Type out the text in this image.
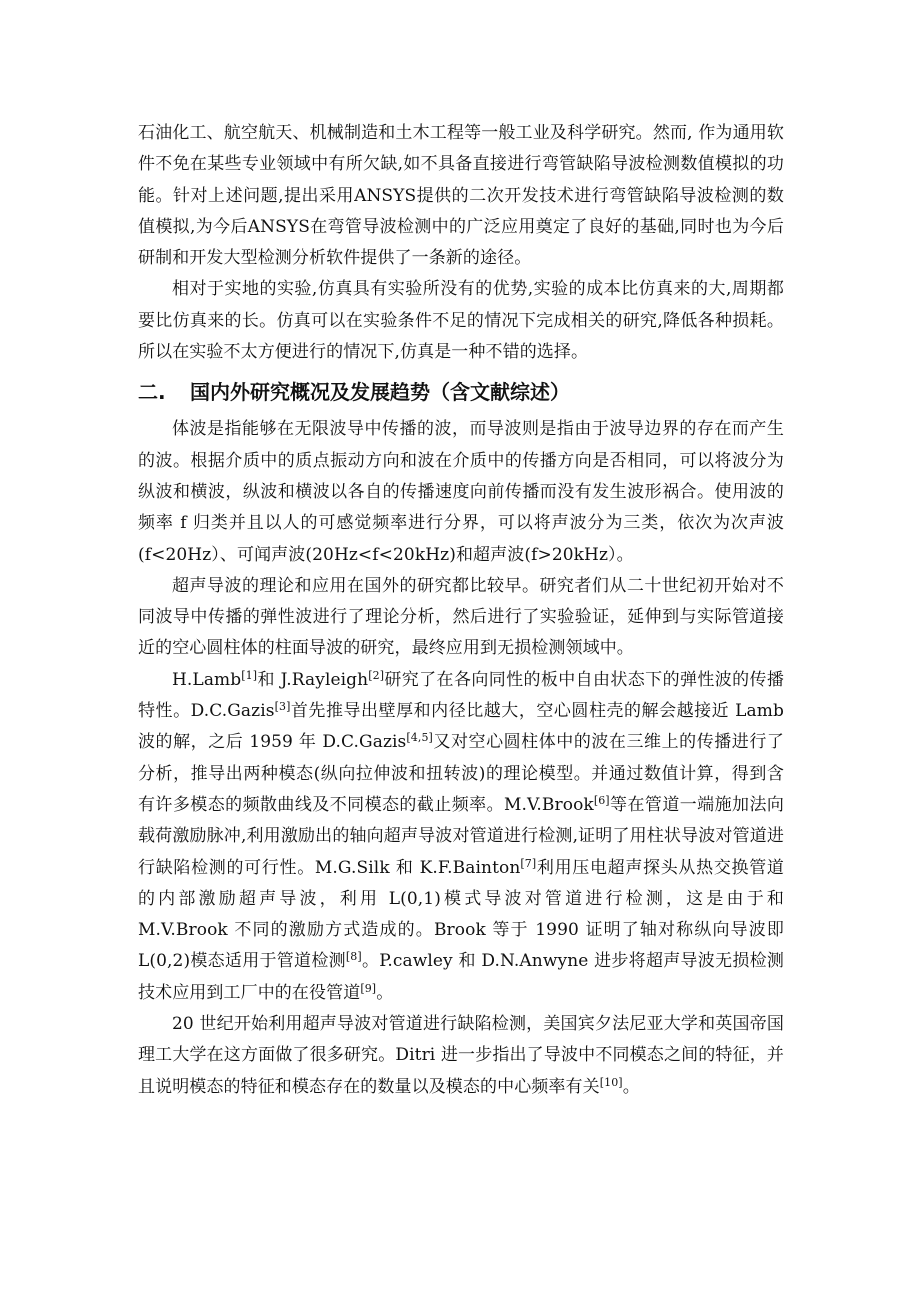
石油化工、航空航天、机械制造和土木工程等一般工业及科学研究。然而, 作为通用软件不免在某些专业领域中有所欠缺,如不具备直接进行弯管缺陷导波检测数值模拟的功能。针对上述问题,提出采用ANSYS提供的二次开发技术进行弯管缺陷导波检测的数值模拟,为今后ANSYS在弯管导波检测中的广泛应用奠定了良好的基础,同时也为今后研制和开发大型检测分析软件提供了一条新的途径。

相对于实地的实验,仿真具有实验所没有的优势,实验的成本比仿真来的大,周期都要比仿真来的长。仿真可以在实验条件不足的情况下完成相关的研究,降低各种损耗。所以在实验不太方便进行的情况下,仿真是一种不错的选择。

二. 国内外研究概况及发展趋势（含文献综述）

体波是指能够在无限波导中传播的波，而导波则是指由于波导边界的存在而产生的波。根据介质中的质点振动方向和波在介质中的传播方向是否相同，可以将波分为纵波和横波，纵波和横波以各自的传播速度向前传播而没有发生波形祸合。使用波的频率 f 归类并且以人的可感觉频率进行分界，可以将声波分为三类，依次为次声波(f<20Hz）、可闻声波(20Hz<f<20kHz)和超声波(f>20kHz）。

超声导波的理论和应用在国外的研究都比较早。研究者们从二十世纪初开始对不同波导中传播的弹性波进行了理论分析，然后进行了实验验证，延伸到与实际管道接近的空心圆柱体的柱面导波的研究，最终应用到无损检测领域中。

H.Lamb[1]和 J.Rayleigh[2]研究了在各向同性的板中自由状态下的弹性波的传播特性。D.C.Gazis[3]首先推导出壁厚和内径比越大，空心圆柱壳的解会越接近 Lamb 波的解，之后 1959 年 D.C.Gazis[4,5]又对空心圆柱体中的波在三维上的传播进行了分析，推导出两种模态(纵向拉伸波和扭转波)的理论模型。并通过数值计算，得到含有许多模态的频散曲线及不同模态的截止频率。M.V.Brook[6]等在管道一端施加法向载荷激励脉冲,利用激励出的轴向超声导波对管道进行检测,证明了用柱状导波对管道进行缺陷检测的可行性。M.G.Silk 和 K.F.Bainton[7]利用压电超声探头从热交换管道的内部激励超声导波，利用 L(0,1)模式导波对管道进行检测，这是由于和 M.V.Brook 不同的激励方式造成的。Brook 等于 1990 证明了轴对称纵向导波即 L(0,2)模态适用于管道检测[8]。P.cawley 和 D.N.Anwyne 进步将超声导波无损检测技术应用到工厂中的在役管道[9]。

20 世纪开始利用超声导波对管道进行缺陷检测，美国宾夕法尼亚大学和英国帝国理工大学在这方面做了很多研究。Ditri 进一步指出了导波中不同模态之间的特征，并且说明模态的特征和模态存在的数量以及模态的中心频率有关[10]。
